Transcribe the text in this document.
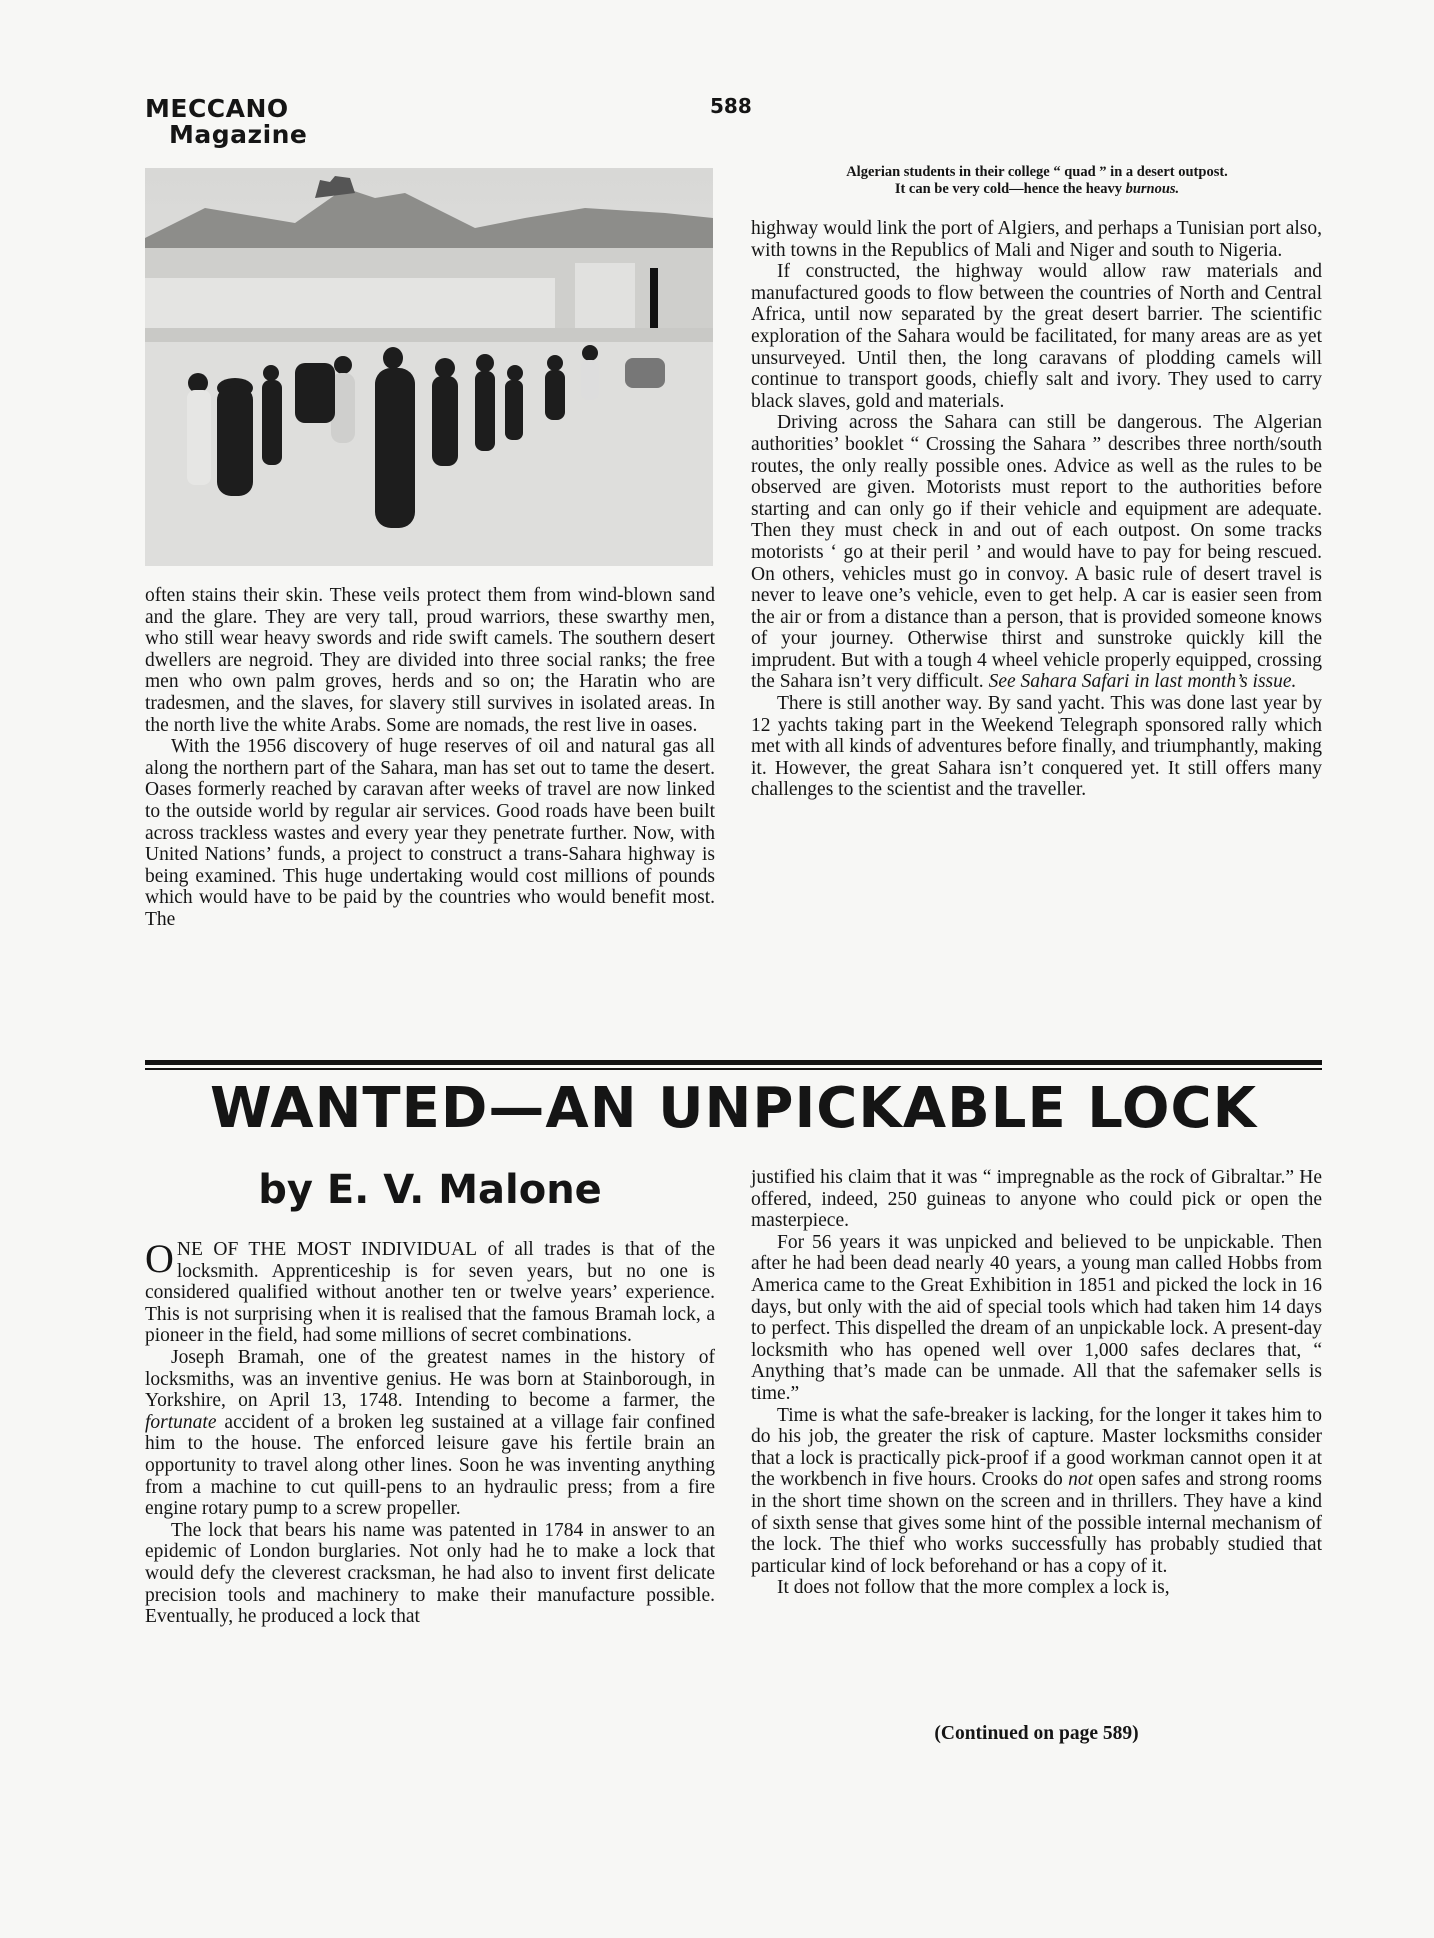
MECCANO
Magazine
588
Algerian students in their college “ quad ” in a desert outpost.
It can be very cold—hence the heavy burnous.

often stains their skin. These veils protect them from wind-blown sand and the glare. They are very tall, proud warriors, these swarthy men, who still wear heavy swords and ride swift camels. The southern desert dwellers are negroid. They are divided into three social ranks; the free men who own palm groves, herds and so on; the Haratin who are tradesmen, and the slaves, for slavery still survives in isolated areas. In the north live the white Arabs. Some are nomads, the rest live in oases.

With the 1956 discovery of huge reserves of oil and natural gas all along the northern part of the Sahara, man has set out to tame the desert. Oases formerly reached by caravan after weeks of travel are now linked to the outside world by regular air services. Good roads have been built across trackless wastes and every year they penetrate further. Now, with United Nations’ funds, a project to construct a trans-Sahara highway is being examined. This huge undertaking would cost millions of pounds which would have to be paid by the countries who would benefit most. The

highway would link the port of Algiers, and perhaps a Tunisian port also, with towns in the Republics of Mali and Niger and south to Nigeria.

If constructed, the highway would allow raw materials and manufactured goods to flow between the countries of North and Central Africa, until now separated by the great desert barrier. The scientific exploration of the Sahara would be facilitated, for many areas are as yet unsurveyed. Until then, the long caravans of plodding camels will continue to transport goods, chiefly salt and ivory. They used to carry black slaves, gold and materials.

Driving across the Sahara can still be dangerous. The Algerian authorities’ booklet “ Crossing the Sahara ” describes three north/south routes, the only really possible ones. Advice as well as the rules to be observed are given. Motorists must report to the authorities before starting and can only go if their vehicle and equipment are adequate. Then they must check in and out of each outpost. On some tracks motorists ‘ go at their peril ’ and would have to pay for being rescued. On others, vehicles must go in convoy. A basic rule of desert travel is never to leave one’s vehicle, even to get help. A car is easier seen from the air or from a distance than a person, that is provided someone knows of your journey. Otherwise thirst and sunstroke quickly kill the imprudent. But with a tough 4 wheel vehicle properly equipped, crossing the Sahara isn’t very difficult. See Sahara Safari in last month’s issue.

There is still another way. By sand yacht. This was done last year by 12 yachts taking part in the Weekend Telegraph sponsored rally which met with all kinds of adventures before finally, and triumphantly, making it. However, the great Sahara isn’t conquered yet. It still offers many challenges to the scientist and the traveller.

WANTED—AN UNPICKABLE LOCK
by E. V. Malone

ONE OF THE MOST INDIVIDUAL of all trades is that of the locksmith. Apprenticeship is for seven years, but no one is considered qualified without another ten or twelve years’ experience. This is not surprising when it is realised that the famous Bramah lock, a pioneer in the field, had some millions of secret combinations.

Joseph Bramah, one of the greatest names in the history of locksmiths, was an inventive genius. He was born at Stainborough, in Yorkshire, on April 13, 1748. Intending to become a farmer, the fortunate accident of a broken leg sustained at a village fair confined him to the house. The enforced leisure gave his fertile brain an opportunity to travel along other lines. Soon he was inventing anything from a machine to cut quill-pens to an hydraulic press; from a fire engine rotary pump to a screw propeller.

The lock that bears his name was patented in 1784 in answer to an epidemic of London burglaries. Not only had he to make a lock that would defy the cleverest cracksman, he had also to invent first delicate precision tools and machinery to make their manufacture possible. Eventually, he produced a lock that

justified his claim that it was “ impregnable as the rock of Gibraltar.” He offered, indeed, 250 guineas to anyone who could pick or open the masterpiece.

For 56 years it was unpicked and believed to be unpickable. Then after he had been dead nearly 40 years, a young man called Hobbs from America came to the Great Exhibition in 1851 and picked the lock in 16 days, but only with the aid of special tools which had taken him 14 days to perfect. This dispelled the dream of an unpickable lock. A present-day locksmith who has opened well over 1,000 safes declares that, “ Anything that’s made can be unmade. All that the safemaker sells is time.”

Time is what the safe-breaker is lacking, for the longer it takes him to do his job, the greater the risk of capture. Master locksmiths consider that a lock is practically pick-proof if a good workman cannot open it at the workbench in five hours. Crooks do not open safes and strong rooms in the short time shown on the screen and in thrillers. They have a kind of sixth sense that gives some hint of the possible internal mechanism of the lock. The thief who works successfully has probably studied that particular kind of lock beforehand or has a copy of it.

It does not follow that the more complex a lock is,

(Continued on page 589)
